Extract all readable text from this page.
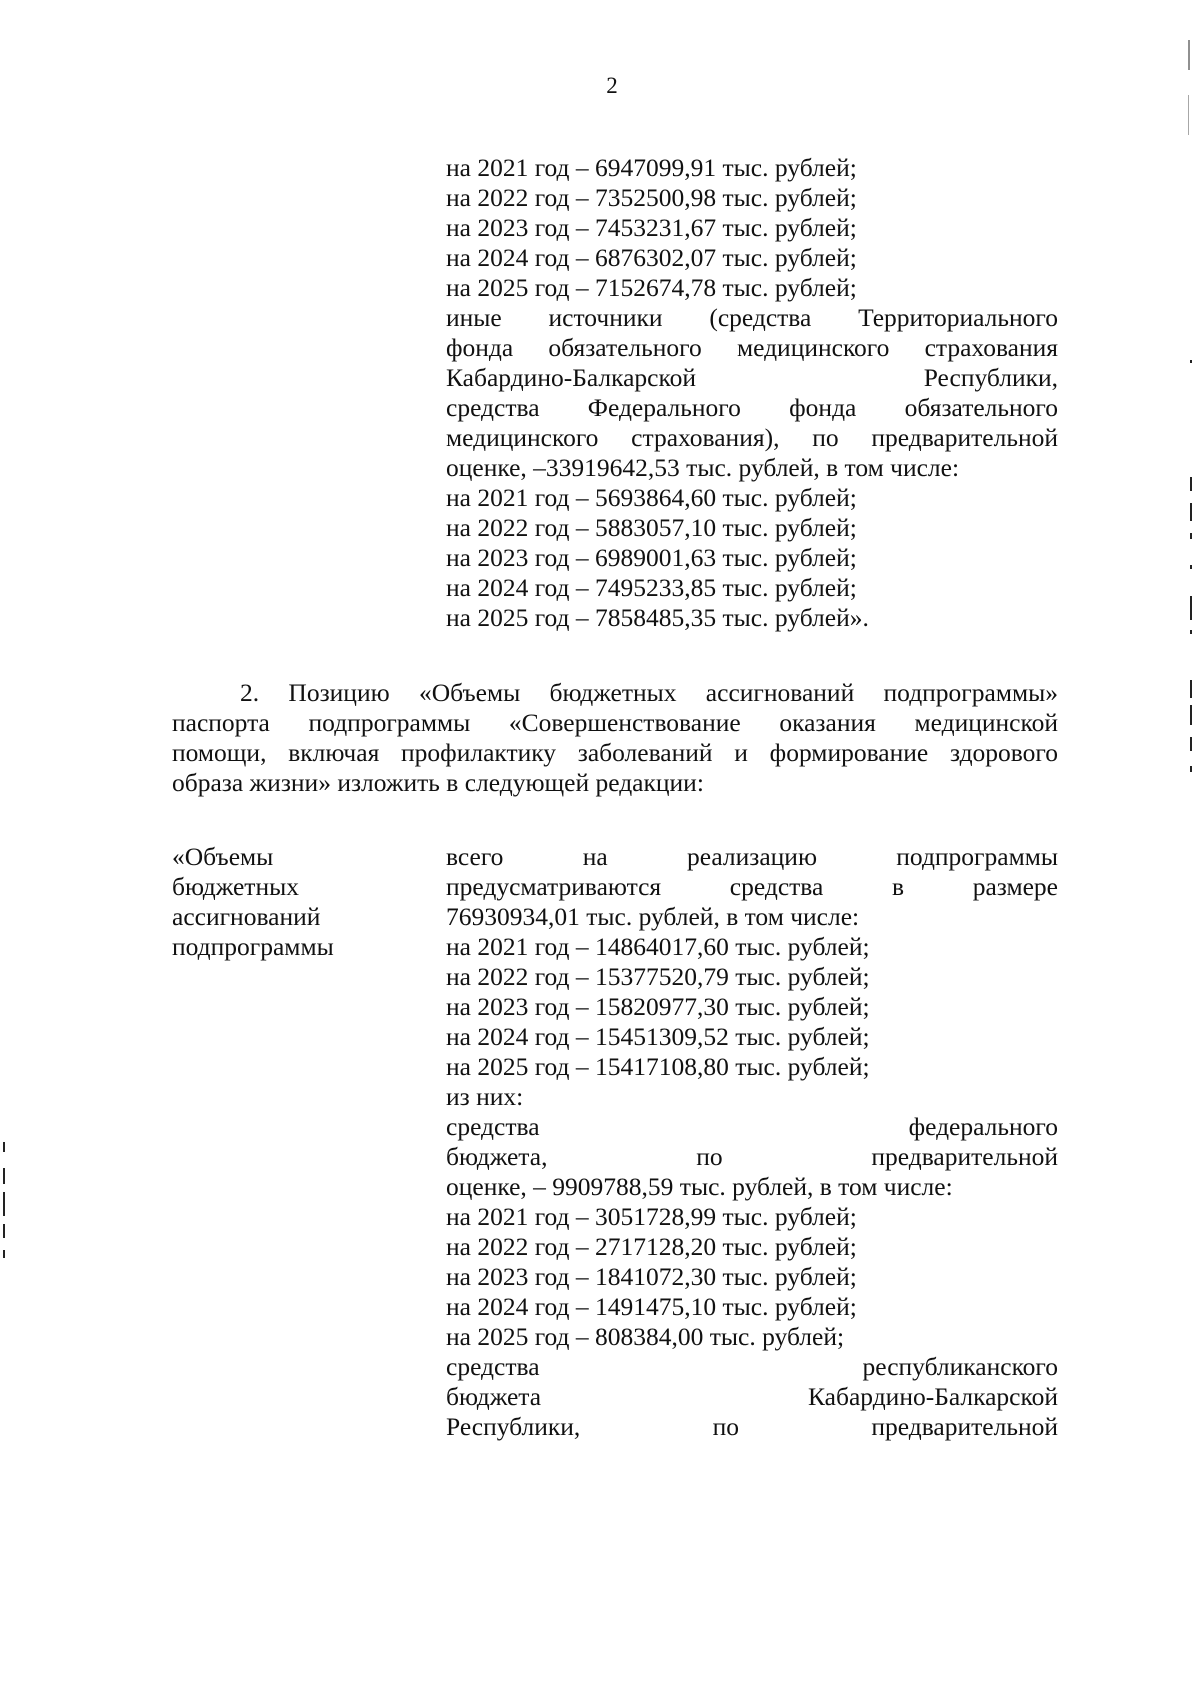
2
на 2021 год – 6947099,91 тыс. рублей;
на 2022 год – 7352500,98 тыс. рублей;
на 2023 год – 7453231,67 тыс. рублей;
на 2024 год – 6876302,07 тыс. рублей;
на 2025 год – 7152674,78 тыс. рублей;
иные источники (средства Территориального
фонда обязательного медицинского страхования
Кабардино-Балкарской Республики,
средства Федерального фонда обязательного
медицинского страхования), по предварительной
оценке, –33919642,53 тыс. рублей, в том числе:
на 2021 год – 5693864,60 тыс. рублей;
на 2022 год – 5883057,10 тыс. рублей;
на 2023 год – 6989001,63 тыс. рублей;
на 2024 год – 7495233,85 тыс. рублей;
на 2025 год – 7858485,35 тыс. рублей».
2. Позицию «Объемы бюджетных ассигнований подпрограммы»
паспорта подпрограммы «Совершенствование оказания медицинской
помощи, включая профилактику заболеваний и формирование здорового
образа жизни» изложить в следующей редакции:
«Объемы
бюджетных
ассигнований
подпрограммы
всего на реализацию подпрограммы
предусматриваются средства в размере
76930934,01 тыс. рублей, в том числе:
на 2021 год – 14864017,60 тыс. рублей;
на 2022 год – 15377520,79 тыс. рублей;
на 2023 год – 15820977,30 тыс. рублей;
на 2024 год – 15451309,52 тыс. рублей;
на 2025 год – 15417108,80 тыс. рублей;
из них:
средства федерального
бюджета, по предварительной
оценке, – 9909788,59 тыс. рублей, в том числе:
на 2021 год – 3051728,99 тыс. рублей;
на 2022 год – 2717128,20 тыс. рублей;
на 2023 год – 1841072,30 тыс. рублей;
на 2024 год – 1491475,10 тыс. рублей;
на 2025 год – 808384,00 тыс. рублей;
средства республиканского
бюджета Кабардино-Балкарской
Республики, по предварительной
